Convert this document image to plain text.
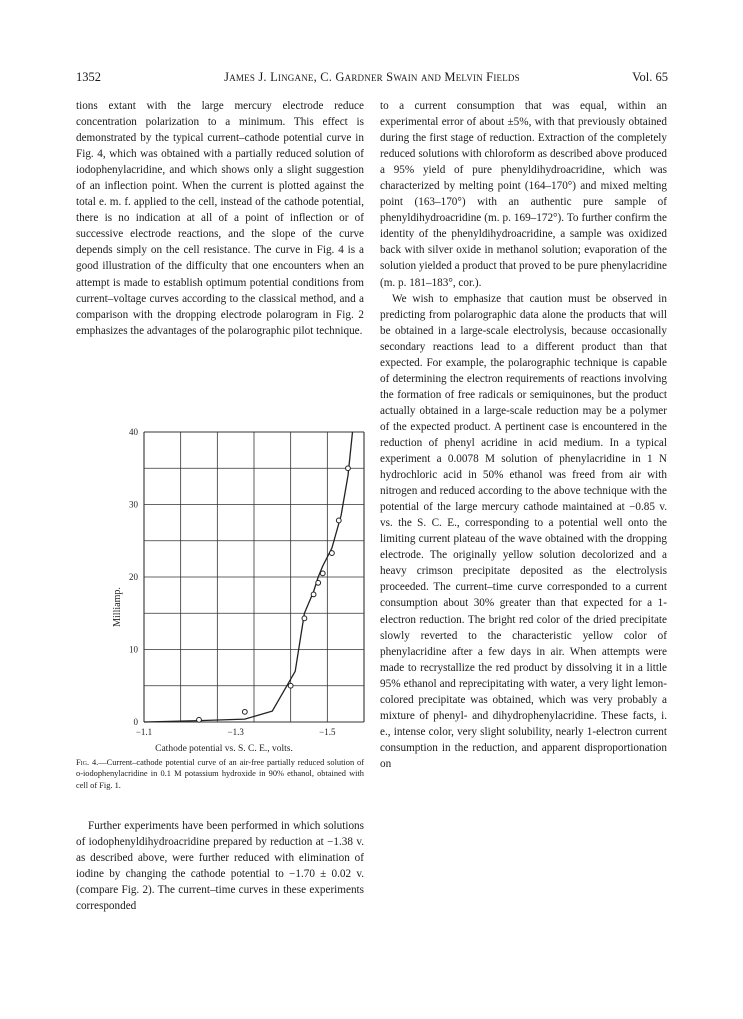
1352	James J. Lingane, C. Gardner Swain and Melvin Fields	Vol. 65

tions extant with the large mercury electrode reduce concentration polarization to a minimum. This effect is demonstrated by the typical current–cathode potential curve in Fig. 4, which was obtained with a partially reduced solution of iodophenylacridine, and which shows only a slight suggestion of an inflection point. When the current is plotted against the total e. m. f. applied to the cell, instead of the cathode potential, there is no indication at all of a point of inflection or of successive electrode reactions, and the slope of the curve depends simply on the cell resistance. The curve in Fig. 4 is a good illustration of the difficulty that one encounters when an attempt is made to establish optimum potential conditions from current–voltage curves according to the classical method, and a comparison with the dropping electrode polarogram in Fig. 2 emphasizes the advantages of the polarographic pilot technique.

0
10
20
30
40
−1.1	−1.3	−1.5
Milliamp.
Cathode potential vs. S. C. E., volts.
Fig. 4.—Current–cathode potential curve of an air-free partially reduced solution of o-iodophenylacridine in 0.1 M potassium hydroxide in 90% ethanol, obtained with cell of Fig. 1.

Further experiments have been performed in which solutions of iodophenyldihydroacridine prepared by reduction at −1.38 v. as described above, were further reduced with elimination of iodine by changing the cathode potential to −1.70 ± 0.02 v. (compare Fig. 2). The current–time curves in these experiments corresponded

to a current consumption that was equal, within an experimental error of about ±5%, with that previously obtained during the first stage of reduction. Extraction of the completely reduced solutions with chloroform as described above produced a 95% yield of pure phenyldihydroacridine, which was characterized by melting point (164–170°) and mixed melting point (163–170°) with an authentic pure sample of phenyldihydroacridine (m. p. 169–172°). To further confirm the identity of the phenyldihydroacridine, a sample was oxidized back with silver oxide in methanol solution; evaporation of the solution yielded a product that proved to be pure phenylacridine (m. p. 181–183°, cor.).

We wish to emphasize that caution must be observed in predicting from polarographic data alone the products that will be obtained in a large-scale electrolysis, because occasionally secondary reactions lead to a different product than that expected. For example, the polarographic technique is capable of determining the electron requirements of reactions involving the formation of free radicals or semiquinones, but the product actually obtained in a large-scale reduction may be a polymer of the expected product. A pertinent case is encountered in the reduction of phenyl acridine in acid medium. In a typical experiment a 0.0078 M solution of phenylacridine in 1 N hydrochloric acid in 50% ethanol was freed from air with nitrogen and reduced according to the above technique with the potential of the large mercury cathode maintained at −0.85 v. vs. the S. C. E., corresponding to a potential well onto the limiting current plateau of the wave obtained with the dropping electrode. The originally yellow solution decolorized and a heavy crimson precipitate deposited as the electrolysis proceeded. The current–time curve corresponded to a current consumption about 30% greater than that expected for a 1-electron reduction. The bright red color of the dried precipitate slowly reverted to the characteristic yellow color of phenylacridine after a few days in air. When attempts were made to recrystallize the red product by dissolving it in a little 95% ethanol and reprecipitating with water, a very light lemon-colored precipitate was obtained, which was very probably a mixture of phenyl- and dihydrophenylacridine. These facts, i. e., intense color, very slight solubility, nearly 1-electron current consumption in the reduction, and apparent disproportionation on
